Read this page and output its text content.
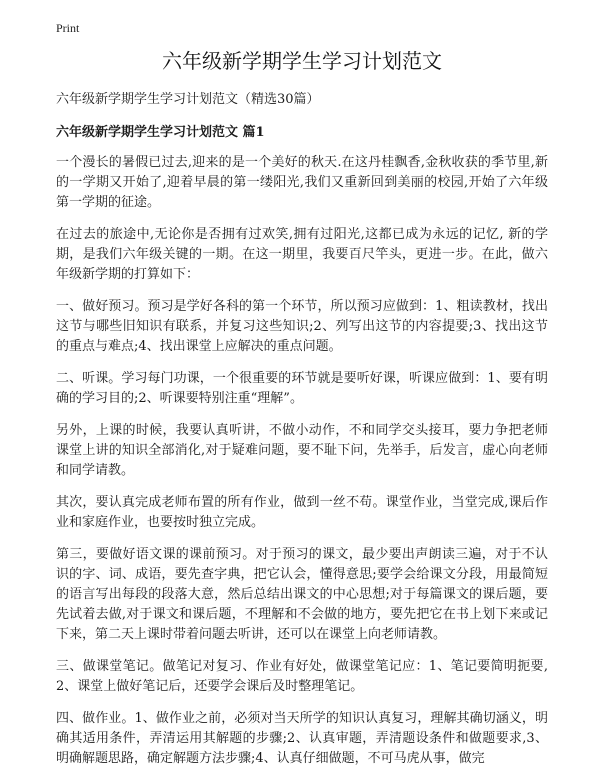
Print
六年级新学期学生学习计划范文

六年级新学期学生学习计划范文（精选30篇）

六年级新学期学生学习计划范文 篇1

一个漫长的暑假已过去,迎来的是一个美好的秋天.在这丹桂飘香,金秋收获的季节里,新的一学期又开始了,迎着早晨的第一缕阳光,我们又重新回到美丽的校园,开始了六年级第一学期的征途。

在过去的旅途中,无论你是否拥有过欢笑,拥有过阳光,这都已成为永远的记忆, 新的学期，是我们六年级关键的一期。在这一期里，我要百尺竿头，更进一步。在此，做六年级新学期的打算如下：

一、做好预习。预习是学好各科的第一个环节，所以预习应做到：1、粗读教材，找出这节与哪些旧知识有联系，并复习这些知识;2、列写出这节的内容提要;3、找出这节的重点与难点;4、找出课堂上应解决的重点问题。

二、听课。学习每门功课，一个很重要的环节就是要听好课，听课应做到：1、要有明确的学习目的;2、听课要特别注重“理解”。

另外，上课的时候，我要认真听讲，不做小动作，不和同学交头接耳，要力争把老师课堂上讲的知识全部消化,对于疑难问题，要不耻下问，先举手，后发言，虚心向老师和同学请教。

其次，要认真完成老师布置的所有作业，做到一丝不苟。课堂作业，当堂完成,课后作业和家庭作业，也要按时独立完成。

第三，要做好语文课的课前预习。对于预习的课文，最少要出声朗读三遍，对于不认识的字、词、成语，要先查字典，把它认会，懂得意思;要学会给课文分段，用最简短的语言写出每段的段落大意，然后总结出课文的中心思想;对于每篇课文的课后题，要先试着去做,对于课文和课后题，不理解和不会做的地方，要先把它在书上划下来或记下来，第二天上课时带着问题去听讲，还可以在课堂上向老师请教。

三、做课堂笔记。做笔记对复习、作业有好处，做课堂笔记应：1、笔记要简明扼要,2、课堂上做好笔记后，还要学会课后及时整理笔记。

四、做作业。1、做作业之前，必须对当天所学的知识认真复习，理解其确切涵义，明确其适用条件，弄清运用其解题的步骤;2、认真审题，弄清题设条件和做题要求,3、明确解题思路，确定解题方法步骤;4、认真仔细做题，不可马虎从事，做完
